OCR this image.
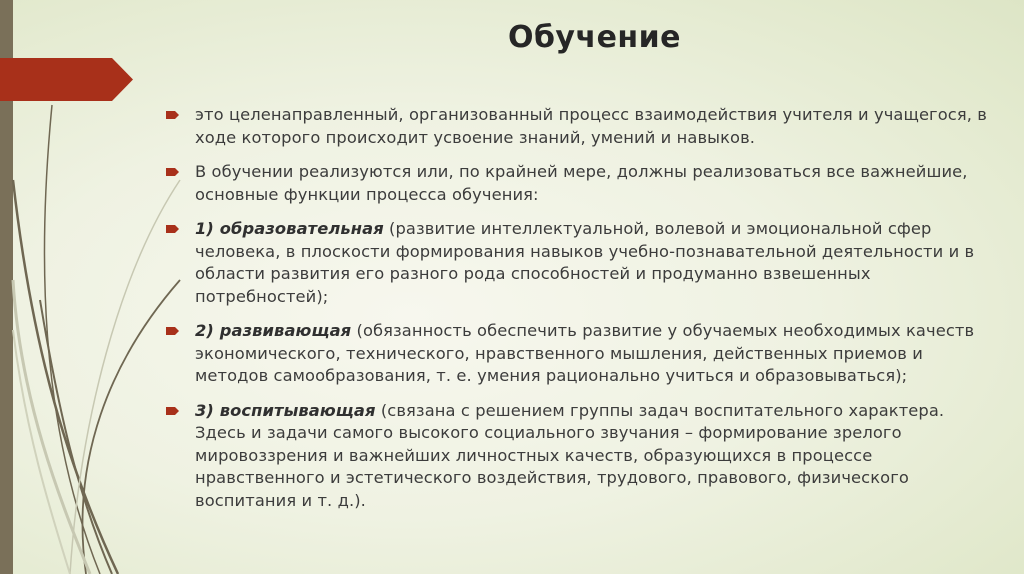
Обучение
это целенаправленный, организованный процесс взаимодействия учителя и учащегося, в ходе которого происходит усвоение знаний, умений и навыков.
В обучении реализуются или, по крайней мере, должны реализоваться все важнейшие, основные функции процесса обучения:
1) образовательная (развитие интеллектуальной, волевой и эмоциональной сфер человека, в плоскости формирования навыков учебно-познавательной деятельности и в области развития его разного рода способностей и продуманно взвешенных потребностей);
2) развивающая (обязанность обеспечить развитие у обучаемых необходимых качеств экономического, технического, нравственного мышления, действенных приемов и методов самообразования, т. е. умения рационально учиться и образовываться);
3) воспитывающая (связана с решением группы задач воспитательного характера. Здесь и задачи самого высокого социального звучания – формирование зрелого мировоззрения и важнейших личностных качеств, образующихся в процессе нравственного и эстетического воздействия, трудового, правового, физического воспитания и т. д.).
